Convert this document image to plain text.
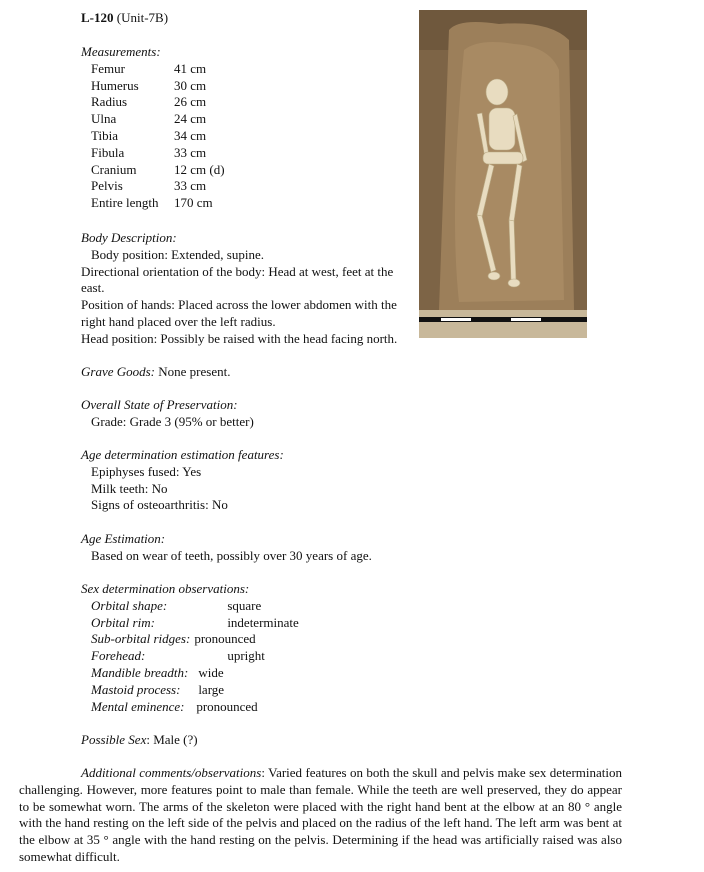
L-120 (Unit-7B)
Measurements:
Femur	41 cm
Humerus	30 cm
Radius	26 cm
Ulna	24 cm
Tibia	34 cm
Fibula	33 cm
Cranium	12 cm (d)
Pelvis	33 cm
Entire length	170 cm
Body Description:
Body position: Extended, supine.
Directional orientation of the body: Head at west, feet at the east.
Position of hands: Placed across the lower abdomen with the right hand placed over the left radius.
Head position: Possibly be raised with the head facing north.
Grave Goods: None present.
Overall State of Preservation:
Grade: Grade 3 (95% or better)
Age determination estimation features:
Epiphyses fused: Yes
Milk teeth: No
Signs of osteoarthritis: No
Age Estimation:
Based on wear of teeth, possibly over 30 years of age.
Sex determination observations:
Orbital shape:	square
Orbital rim:	indeterminate
Sub-orbital ridges:	pronounced
Forehead:	upright
Mandible breadth:	wide
Mastoid process:	large
Mental eminence:	pronounced
Possible Sex: Male (?)
Additional comments/observations: Varied features on both the skull and pelvis make sex determination challenging. However, more features point to male than female. While the teeth are well preserved, they do appear to be somewhat worn. The arms of the skeleton were placed with the right hand bent at the elbow at an 80 ° angle with the hand resting on the left side of the pelvis and placed on the radius of the left hand. The left arm was bent at the elbow at 35 ° angle with the hand resting on the pelvis. Determining if the head was artificially raised was also somewhat difficult.
